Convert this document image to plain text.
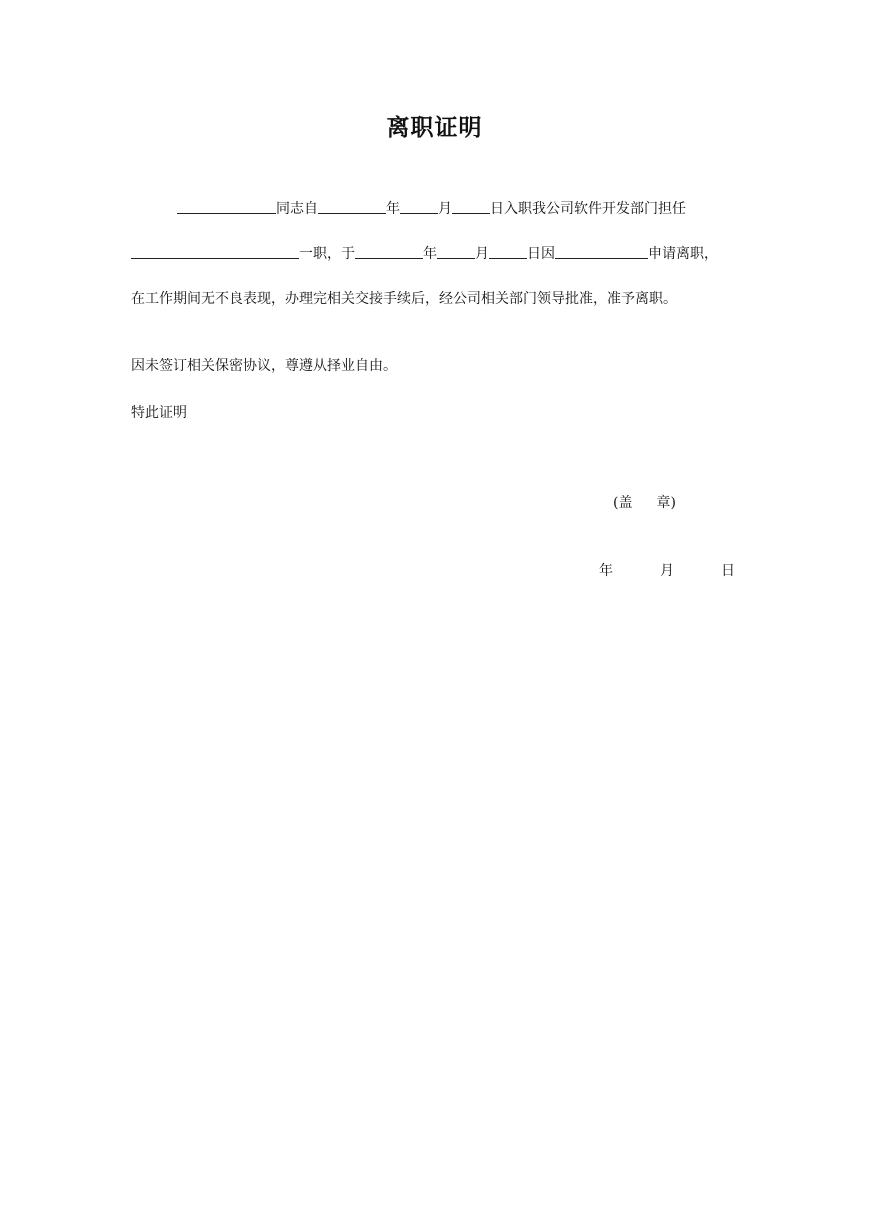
离职证明
同志自	年	月	日入职我公司软件开发部门担任
一职，于	年	月	日因	申请离职，
在工作期间无不良表现，办理完相关交接手续后，经公司相关部门领导批准，准予离职。
因未签订相关保密协议，尊遵从择业自由。
特此证明
(盖 章)
年	月	日
